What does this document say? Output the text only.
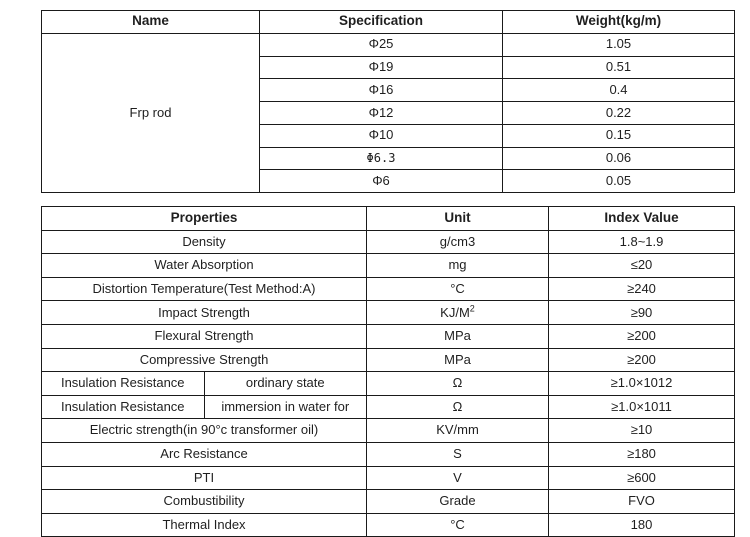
Name	Specification	Weight(kg/m)
Frp rod	Φ25	1.05
	Φ19	0.51
	Φ16	0.4
	Φ12	0.22
	Φ10	0.15
	Φ6.3	0.06
	Φ6	0.05
Properties		Unit	Index Value
Density		g/cm3	1.8~1.9
Water Absorption		mg	≤20
Distortion Temperature(Test Method:A)		°C	≥240
Impact Strength		$KJ/M^2$	≥90
Flexural Strength		MPa	≥200
Compressive Strength		MPa	≥200
Insulation Resistance	ordinary state	Ω	≥1.0×1012
Insulation Resistance	immersion in water for	Ω	≥1.0×1011
Electric strength(in 90°c transformer oil)		KV/mm	≥10
Arc Resistance		S	≥180
PTI		V	≥600
Combustibility		Grade	FVO
Thermal Index		°C	180
